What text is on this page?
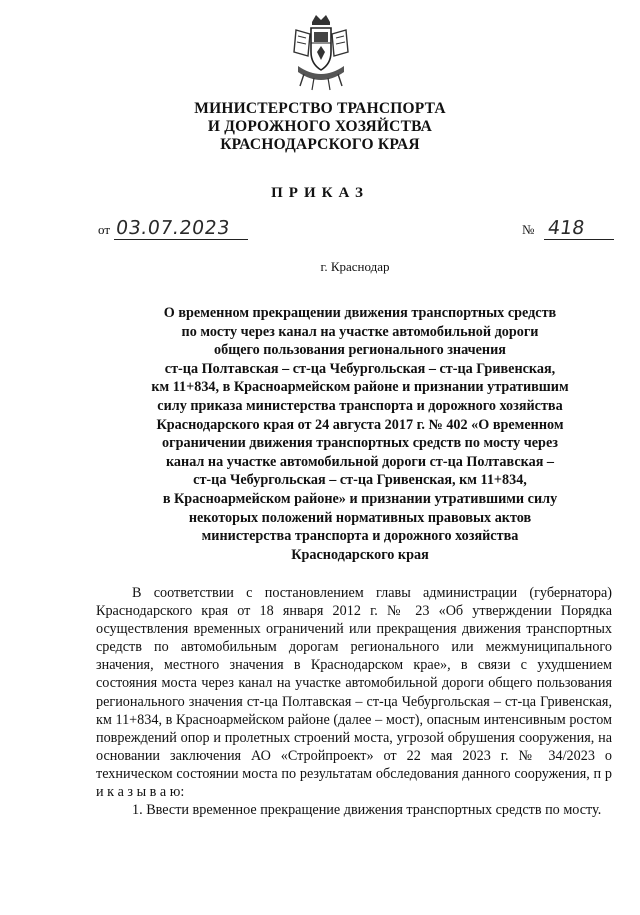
МИНИСТЕРСТВО ТРАНСПОРТА
И ДОРОЖНОГО ХОЗЯЙСТВА
КРАСНОДАРСКОГО КРАЯ
ПРИКАЗ
от 03.07.2023	№ 418
г. Краснодар
О временном прекращении движения транспортных средств
по мосту через канал на участке автомобильной дороги
общего пользования регионального значения
ст-ца Полтавская – ст-ца Чебургольская – ст-ца Гривенская,
км 11+834, в Красноармейском районе и признании утратившим
силу приказа министерства транспорта и дорожного хозяйства
Краснодарского края от 24 августа 2017 г. № 402 «О временном
ограничении движения транспортных средств по мосту через
канал на участке автомобильной дороги ст-ца Полтавская –
ст-ца Чебургольская – ст-ца Гривенская, км 11+834,
в Красноармейском районе» и признании утратившими силу
некоторых положений нормативных правовых актов
министерства транспорта и дорожного хозяйства
Краснодарского края

В соответствии с постановлением главы администрации (губернатора) Краснодарского края от 18 января 2012 г. № 23 «Об утверждении Порядка осуществления временных ограничений или прекращения движения транспортных средств по автомобильным дорогам регионального или межмуниципального значения, местного значения в Краснодарском крае», в связи с ухудшением состояния моста через канал на участке автомобильной дороги общего пользования регионального значения ст-ца Полтавская – ст-ца Чебургольская – ст-ца Гривенская, км 11+834, в Красноармейском районе (далее – мост), опасным интенсивным ростом повреждений опор и пролетных строений моста, угрозой обрушения сооружения, на основании заключения АО «Стройпроект» от 22 мая 2023 г. № 34/2023 о техническом состоянии моста по результатам обследования данного сооружения, п р и к а з ы в а ю:

1. Ввести временное прекращение движения транспортных средств по мосту.
